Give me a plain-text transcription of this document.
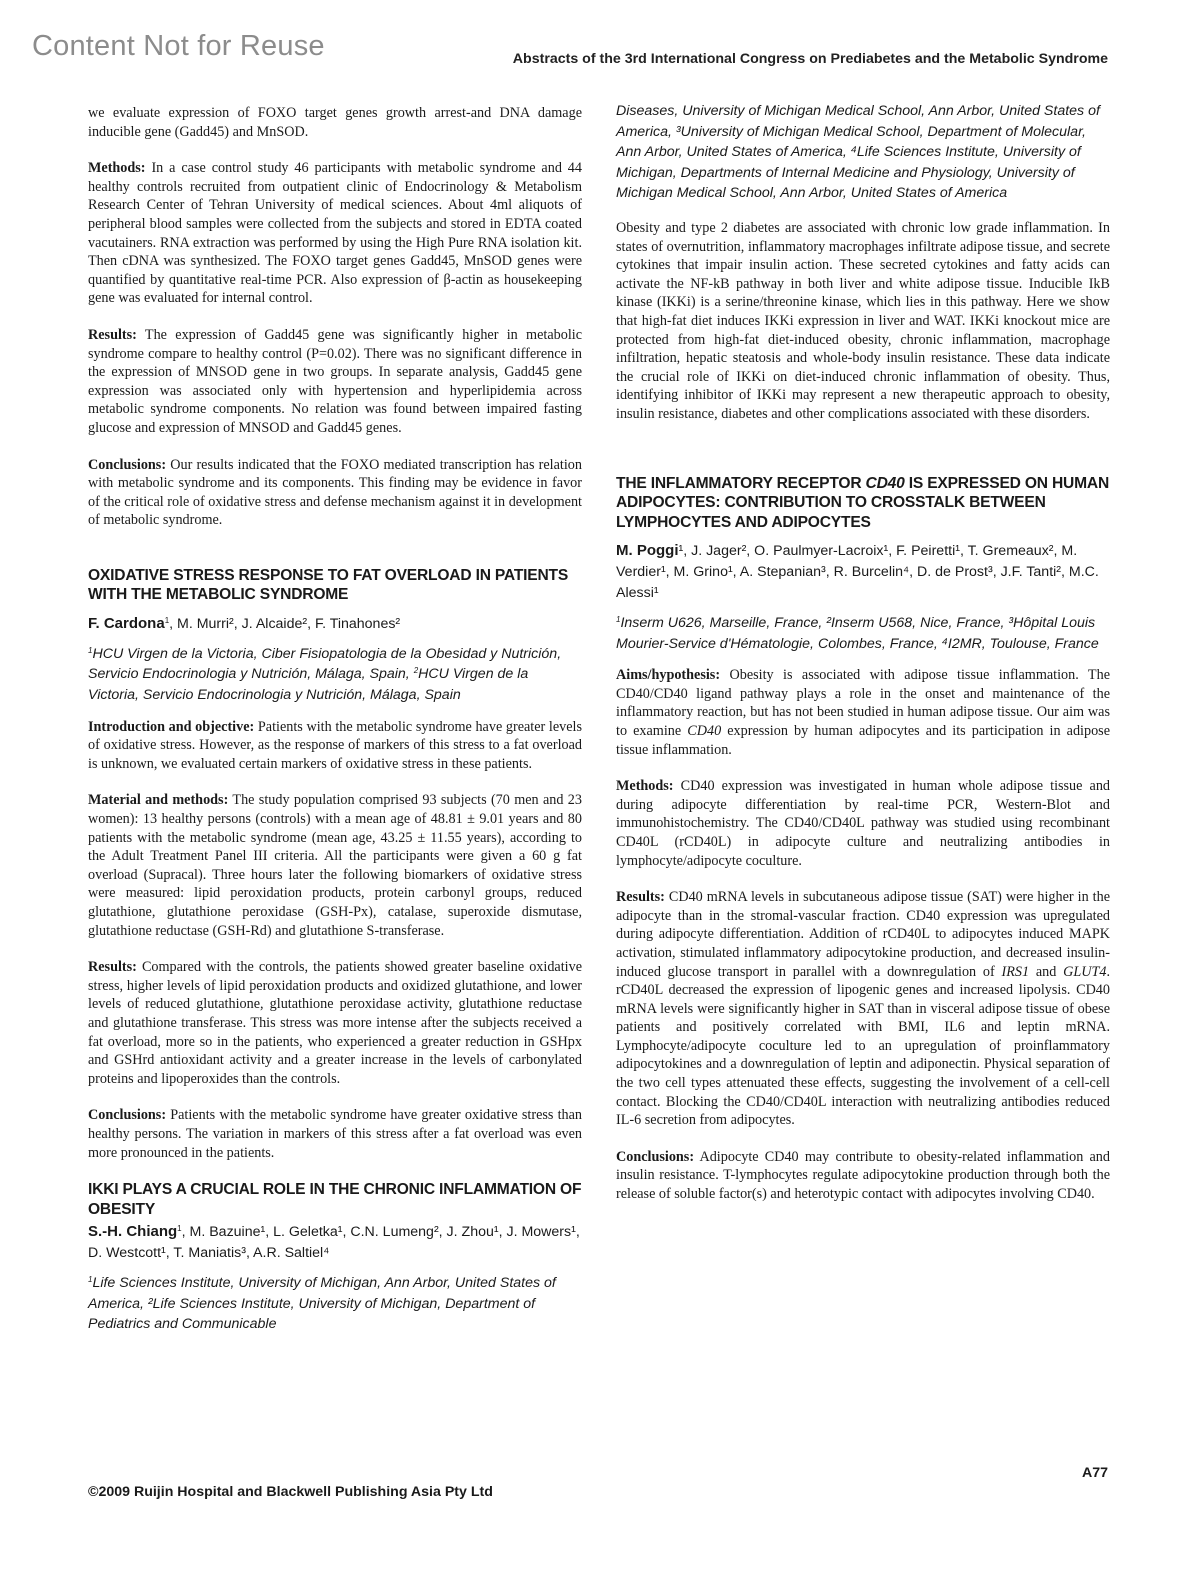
Content Not for Reuse	Abstracts of the 3rd International Congress on Prediabetes and the Metabolic Syndrome

we evaluate expression of FOXO target genes growth arrest-and DNA damage inducible gene (Gadd45) and MnSOD.

Methods: In a case control study 46 participants with metabolic syndrome and 44 healthy controls recruited from outpatient clinic of Endocrinology & Metabolism Research Center of Tehran University of medical sciences. About 4ml aliquots of peripheral blood samples were collected from the subjects and stored in EDTA coated vacutainers. RNA extraction was performed by using the High Pure RNA isolation kit. Then cDNA was synthesized. The FOXO target genes Gadd45, MnSOD genes were quantified by quantitative real-time PCR. Also expression of β-actin as housekeeping gene was evaluated for internal control.

Results: The expression of Gadd45 gene was significantly higher in metabolic syndrome compare to healthy control (P=0.02). There was no significant difference in the expression of MNSOD gene in two groups. In separate analysis, Gadd45 gene expression was associated only with hypertension and hyperlipidemia across metabolic syndrome components. No relation was found between impaired fasting glucose and expression of MNSOD and Gadd45 genes.

Conclusions: Our results indicated that the FOXO mediated transcription has relation with metabolic syndrome and its components. This finding may be evidence in favor of the critical role of oxidative stress and defense mechanism against it in development of metabolic syndrome.

OXIDATIVE STRESS RESPONSE TO FAT OVERLOAD IN PATIENTS WITH THE METABOLIC SYNDROME
F. Cardona$^1$, M. Murri², J. Alcaide², F. Tinahones²
$^1$HCU Virgen de la Victoria, Ciber Fisiopatologia de la Obesidad y Nutrición, Servicio Endocrinologia y Nutrición, Málaga, Spain, $^2$HCU Virgen de la Victoria, Servicio Endocrinologia y Nutrición, Málaga, Spain

Introduction and objective: Patients with the metabolic syndrome have greater levels of oxidative stress. However, as the response of markers of this stress to a fat overload is unknown, we evaluated certain markers of oxidative stress in these patients.

Material and methods: The study population comprised 93 subjects (70 men and 23 women): 13 healthy persons (controls) with a mean age of 48.81 ± 9.01 years and 80 patients with the metabolic syndrome (mean age, 43.25 ± 11.55 years), according to the Adult Treatment Panel III criteria. All the participants were given a 60 g fat overload (Supracal). Three hours later the following biomarkers of oxidative stress were measured: lipid peroxidation products, protein carbonyl groups, reduced glutathione, glutathione peroxidase (GSH-Px), catalase, superoxide dismutase, glutathione reductase (GSH-Rd) and glutathione S-transferase.

Results: Compared with the controls, the patients showed greater baseline oxidative stress, higher levels of lipid peroxidation products and oxidized glutathione, and lower levels of reduced glutathione, glutathione peroxidase activity, glutathione reductase and glutathione transferase. This stress was more intense after the subjects received a fat overload, more so in the patients, who experienced a greater reduction in GSHpx and GSHrd antioxidant activity and a greater increase in the levels of carbonylated proteins and lipoperoxides than the controls.

Conclusions: Patients with the metabolic syndrome have greater oxidative stress than healthy persons. The variation in markers of this stress after a fat overload was even more pronounced in the patients.

IKKI PLAYS A CRUCIAL ROLE IN THE CHRONIC INFLAMMATION OF OBESITY
S.-H. Chiang$^1$, M. Bazuine¹, L. Geletka¹, C.N. Lumeng², J. Zhou¹, J. Mowers¹, D. Westcott¹, T. Maniatis³, A.R. Saltiel⁴
$^1$Life Sciences Institute, University of Michigan, Ann Arbor, United States of America, ²Life Sciences Institute, University of Michigan, Department of Pediatrics and Communicable
Diseases, University of Michigan Medical School, Ann Arbor, United States of America, ³University of Michigan Medical School, Department of Molecular, Ann Arbor, United States of America, ⁴Life Sciences Institute, University of Michigan, Departments of Internal Medicine and Physiology, University of Michigan Medical School, Ann Arbor, United States of America

Obesity and type 2 diabetes are associated with chronic low grade inflammation. In states of overnutrition, inflammatory macrophages infiltrate adipose tissue, and secrete cytokines that impair insulin action. These secreted cytokines and fatty acids can activate the NF-kB pathway in both liver and white adipose tissue. Inducible IkB kinase (IKKi) is a serine/threonine kinase, which lies in this pathway. Here we show that high-fat diet induces IKKi expression in liver and WAT. IKKi knockout mice are protected from high-fat diet-induced obesity, chronic inflammation, macrophage infiltration, hepatic steatosis and whole-body insulin resistance. These data indicate the crucial role of IKKi on diet-induced chronic inflammation of obesity. Thus, identifying inhibitor of IKKi may represent a new therapeutic approach to obesity, insulin resistance, diabetes and other complications associated with these disorders.

THE INFLAMMATORY RECEPTOR CD40 IS EXPRESSED ON HUMAN ADIPOCYTES: CONTRIBUTION TO CROSSTALK BETWEEN LYMPHOCYTES AND ADIPOCYTES
M. Poggi¹, J. Jager², O. Paulmyer-Lacroix¹, F. Peiretti¹, T. Gremeaux², M. Verdier¹, M. Grino¹, A. Stepanian³, R. Burcelin⁴, D. de Prost³, J.F. Tanti², M.C. Alessi¹
$^1$Inserm U626, Marseille, France, ²Inserm U568, Nice, France, ³Hôpital Louis Mourier-Service d'Hématologie, Colombes, France, ⁴I2MR, Toulouse, France

Aims/hypothesis: Obesity is associated with adipose tissue inflammation. The CD40/CD40 ligand pathway plays a role in the onset and maintenance of the inflammatory reaction, but has not been studied in human adipose tissue. Our aim was to examine CD40 expression by human adipocytes and its participation in adipose tissue inflammation.

Methods: CD40 expression was investigated in human whole adipose tissue and during adipocyte differentiation by real-time PCR, Western-Blot and immunohistochemistry. The CD40/CD40L pathway was studied using recombinant CD40L (rCD40L) in adipocyte culture and neutralizing antibodies in lymphocyte/adipocyte coculture.

Results: CD40 mRNA levels in subcutaneous adipose tissue (SAT) were higher in the adipocyte than in the stromal-vascular fraction. CD40 expression was upregulated during adipocyte differentiation. Addition of rCD40L to adipocytes induced MAPK activation, stimulated inflammatory adipocytokine production, and decreased insulin-induced glucose transport in parallel with a downregulation of IRS1 and GLUT4. rCD40L decreased the expression of lipogenic genes and increased lipolysis. CD40 mRNA levels were significantly higher in SAT than in visceral adipose tissue of obese patients and positively correlated with BMI, IL6 and leptin mRNA. Lymphocyte/adipocyte coculture led to an upregulation of proinflammatory adipocytokines and a downregulation of leptin and adiponectin. Physical separation of the two cell types attenuated these effects, suggesting the involvement of a cell-cell contact. Blocking the CD40/CD40L interaction with neutralizing antibodies reduced IL-6 secretion from adipocytes.

Conclusions: Adipocyte CD40 may contribute to obesity-related inflammation and insulin resistance. T-lymphocytes regulate adipocytokine production through both the release of soluble factor(s) and heterotypic contact with adipocytes involving CD40.

A77
©2009 Ruijin Hospital and Blackwell Publishing Asia Pty Ltd
